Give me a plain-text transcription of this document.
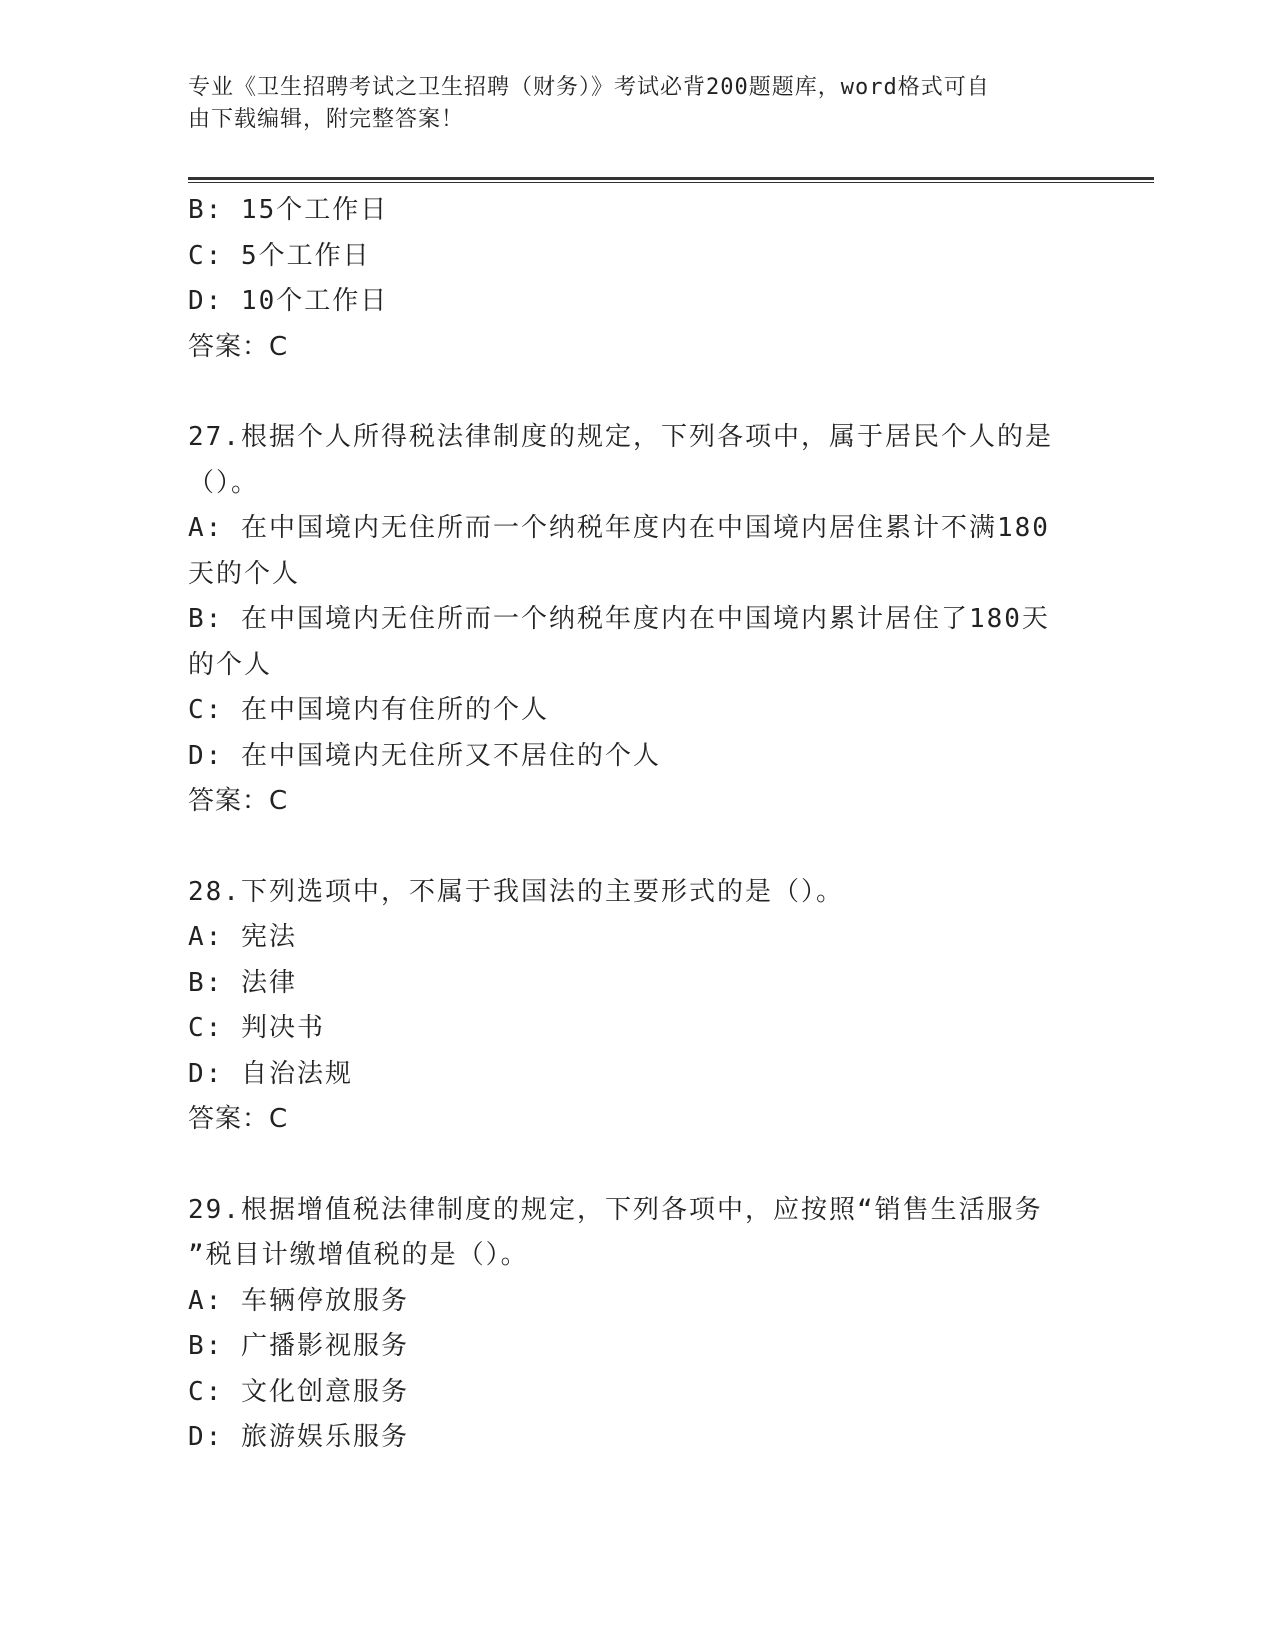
专业《卫生招聘考试之卫生招聘（财务）》考试必背200题题库，word格式可自
由下载编辑，附完整答案！
B: 15个工作日
C: 5个工作日
D: 10个工作日
答案：C
27.根据个人所得税法律制度的规定，下列各项中，属于居民个人的是
（）。
A: 在中国境内无住所而一个纳税年度内在中国境内居住累计不满180
天的个人
B: 在中国境内无住所而一个纳税年度内在中国境内累计居住了180天
的个人
C: 在中国境内有住所的个人
D: 在中国境内无住所又不居住的个人
答案：C
28.下列选项中，不属于我国法的主要形式的是（）。
A: 宪法
B: 法律
C: 判决书
D: 自治法规
答案：C
29.根据增值税法律制度的规定，下列各项中，应按照“销售生活服务
”税目计缴增值税的是（）。
A: 车辆停放服务
B: 广播影视服务
C: 文化创意服务
D: 旅游娱乐服务
